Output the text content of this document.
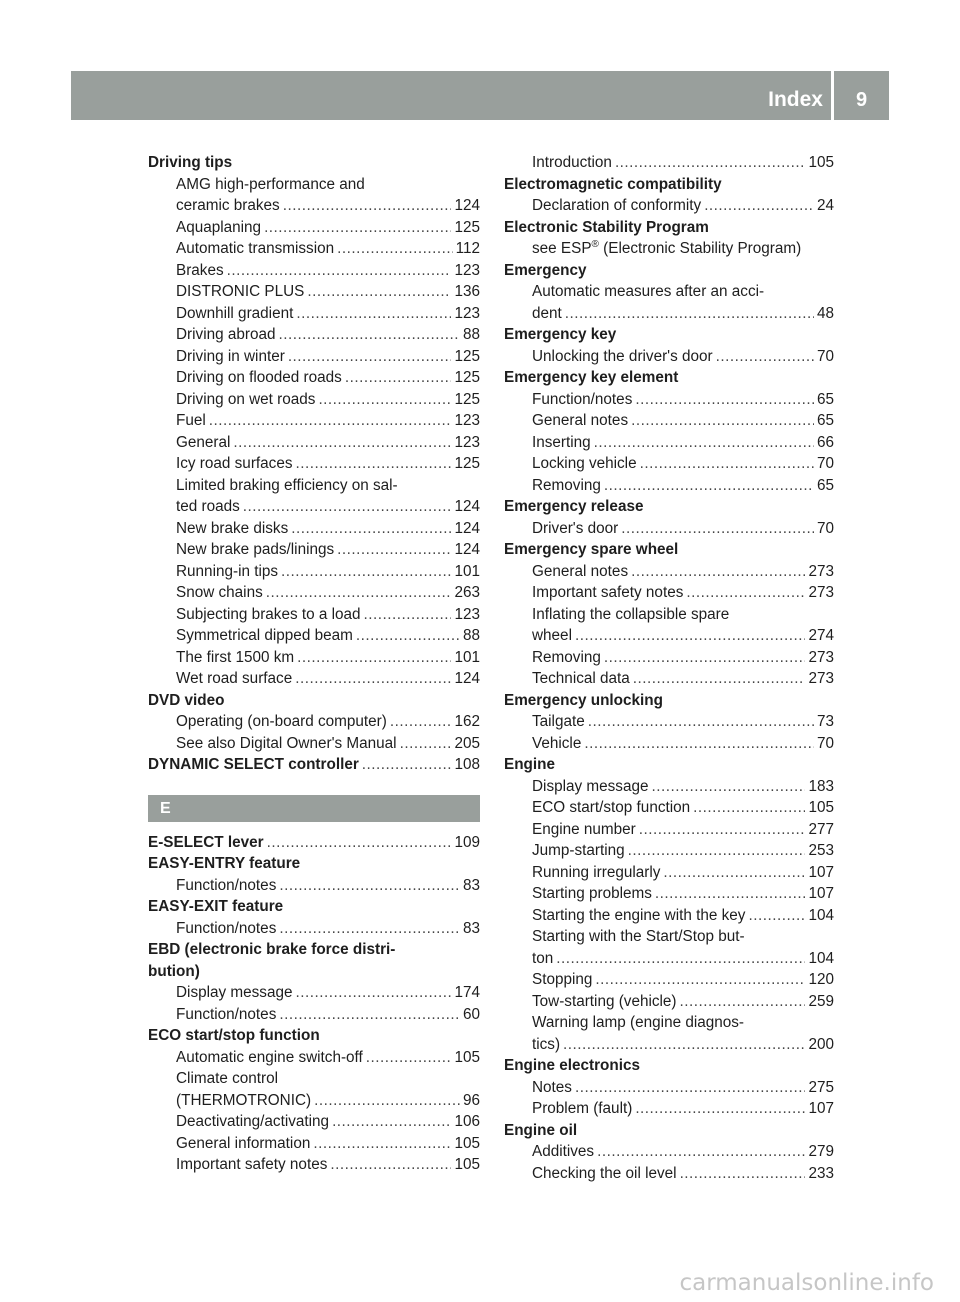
Index	9
Driving tips
AMG high-performance and
ceramic brakes .....	124
Aquaplaning .....	125
Automatic transmission .....	112
Brakes .....	123
DISTRONIC PLUS .....	136
Downhill gradient .....	123
Driving abroad .....	88
Driving in winter .....	125
Driving on flooded roads .....	125
Driving on wet roads .....	125
Fuel .....	123
General .....	123
Icy road surfaces .....	125
Limited braking efficiency on sal-
ted roads .....	124
New brake disks .....	124
New brake pads/linings .....	124
Running-in tips .....	101
Snow chains .....	263
Subjecting brakes to a load .....	123
Symmetrical dipped beam .....	88
The first 1500 km .....	101
Wet road surface .....	124
DVD video
Operating (on-board computer) .....	162
See also Digital Owner's Manual .....	205
DYNAMIC SELECT controller .....	108
E
E-SELECT lever .....	109
EASY-ENTRY feature
Function/notes .....	83
EASY-EXIT feature
Function/notes .....	83
EBD (electronic brake force distri-
bution)
Display message .....	174
Function/notes .....	60
ECO start/stop function
Automatic engine switch-off .....	105
Climate control
(THERMOTRONIC) .....	96
Deactivating/activating .....	106
General information .....	105
Important safety notes .....	105
Introduction .....	105
Electromagnetic compatibility
Declaration of conformity .....	24
Electronic Stability Program
see ESP® (Electronic Stability Program)
Emergency
Automatic measures after an acci-
dent .....	48
Emergency key
Unlocking the driver's door .....	70
Emergency key element
Function/notes .....	65
General notes .....	65
Inserting .....	66
Locking vehicle .....	70
Removing .....	65
Emergency release
Driver's door .....	70
Emergency spare wheel
General notes .....	273
Important safety notes .....	273
Inflating the collapsible spare
wheel .....	274
Removing .....	273
Technical data .....	273
Emergency unlocking
Tailgate .....	73
Vehicle .....	70
Engine
Display message .....	183
ECO start/stop function .....	105
Engine number .....	277
Jump-starting .....	253
Running irregularly .....	107
Starting problems .....	107
Starting the engine with the key .....	104
Starting with the Start/Stop but-
ton .....	104
Stopping .....	120
Tow-starting (vehicle) .....	259
Warning lamp (engine diagnos-
tics) .....	200
Engine electronics
Notes .....	275
Problem (fault) .....	107
Engine oil
Additives .....	279
Checking the oil level .....	233
carmanualsonline.info
